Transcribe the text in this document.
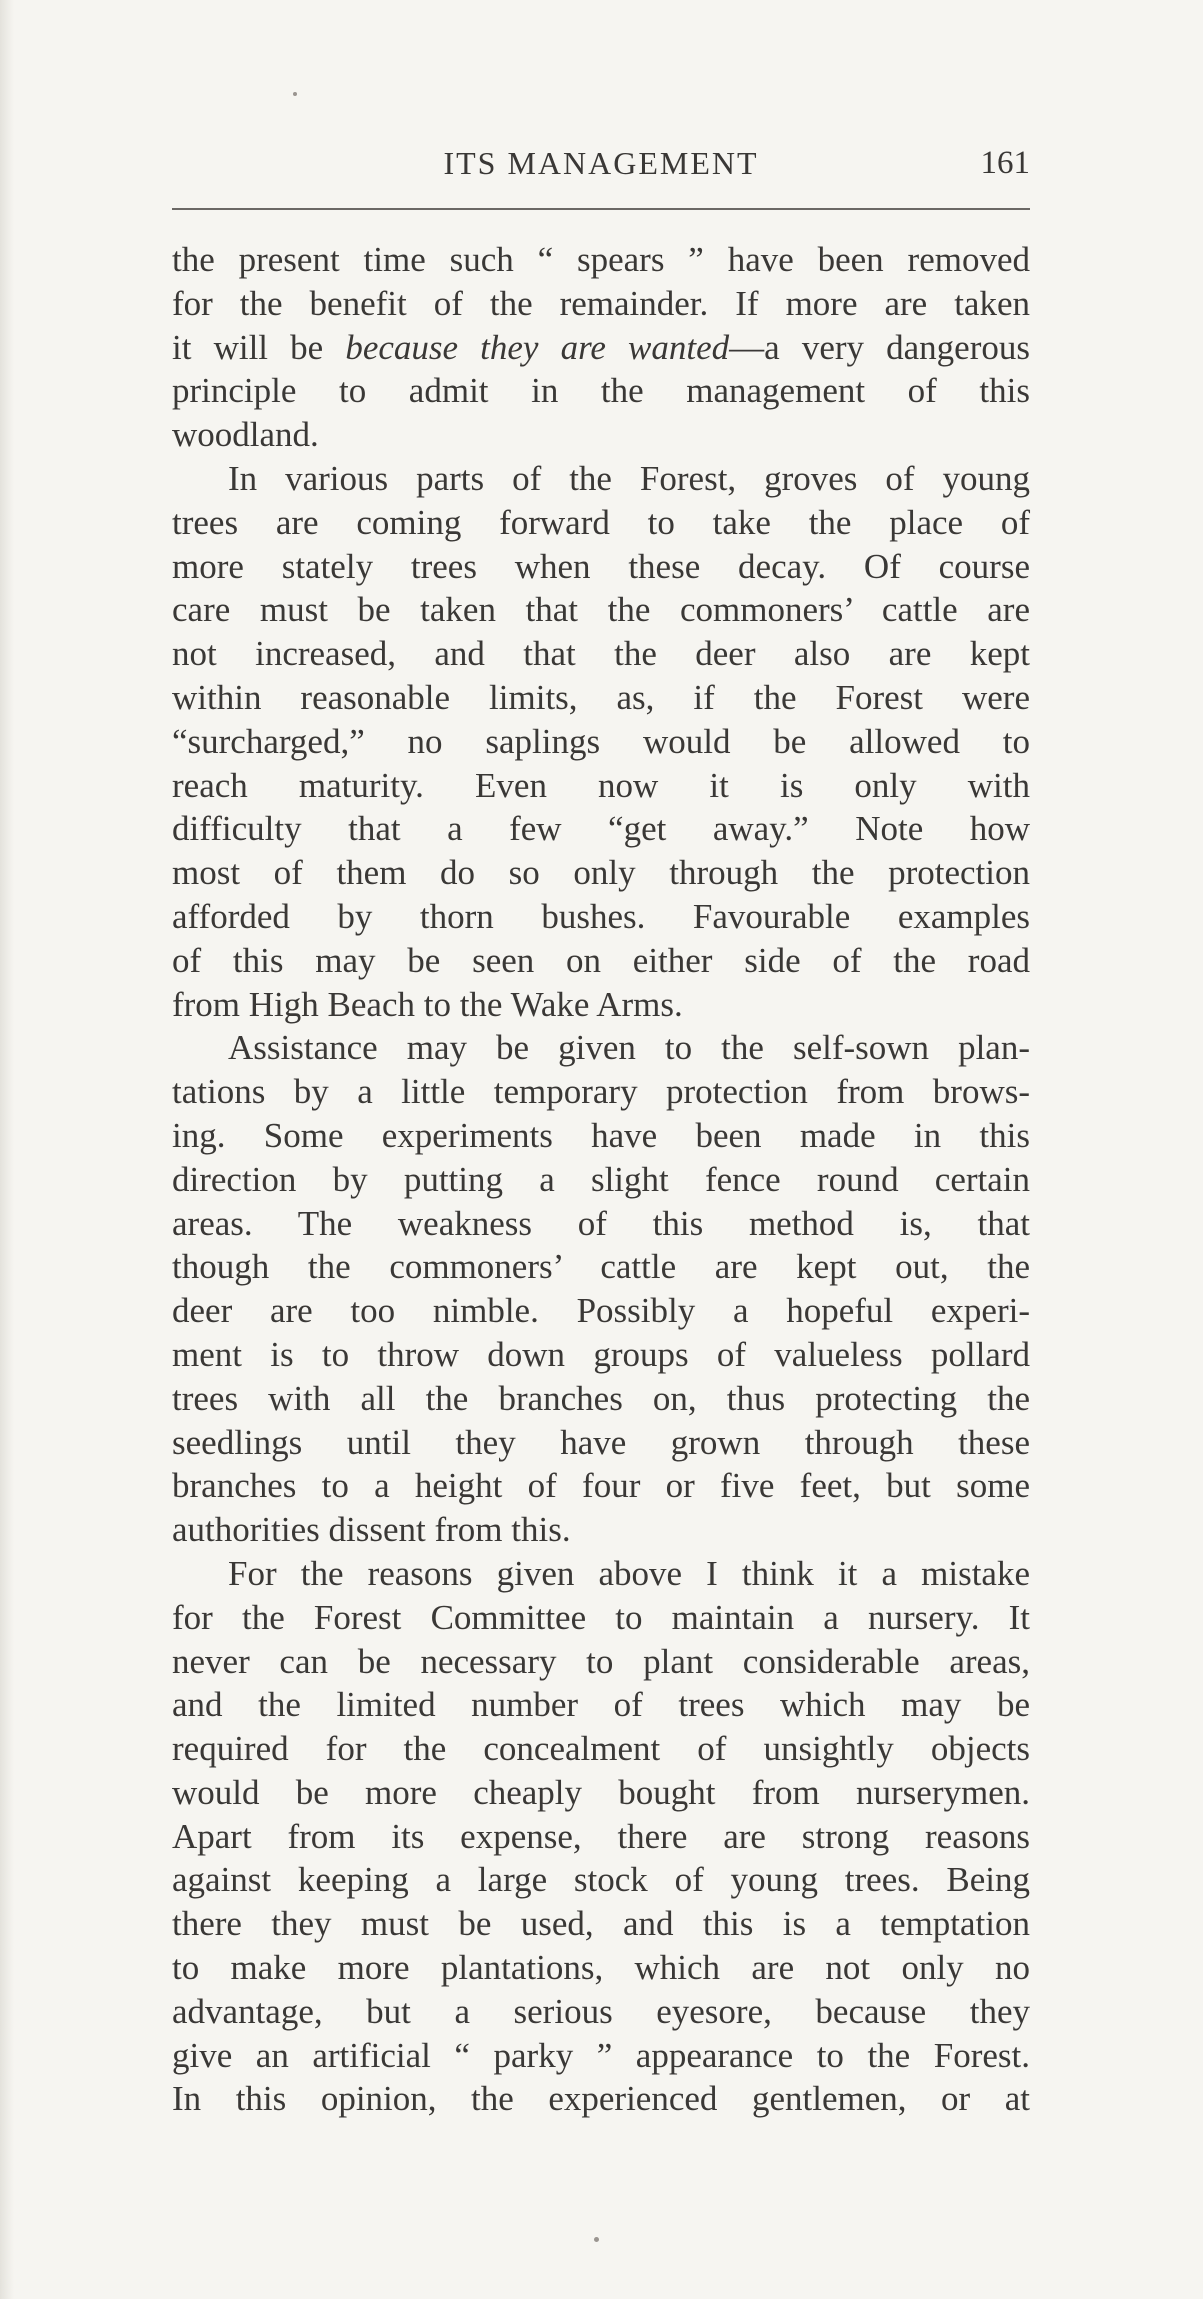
ITS MANAGEMENT	161
the present time such “ spears ” have been removed
for the benefit of the remainder. If more are taken
it will be because they are wanted—a very dangerous
principle to admit in the management of this
woodland.
In various parts of the Forest, groves of young
trees are coming forward to take the place of
more stately trees when these decay. Of course
care must be taken that the commoners’ cattle are
not increased, and that the deer also are kept
within reasonable limits, as, if the Forest were
“surcharged,” no saplings would be allowed to
reach maturity. Even now it is only with
difficulty that a few “get away.” Note how
most of them do so only through the protection
afforded by thorn bushes. Favourable examples
of this may be seen on either side of the road
from High Beach to the Wake Arms.
Assistance may be given to the self-sown plan-
tations by a little temporary protection from brows-
ing. Some experiments have been made in this
direction by putting a slight fence round certain
areas. The weakness of this method is, that
though the commoners’ cattle are kept out, the
deer are too nimble. Possibly a hopeful experi-
ment is to throw down groups of valueless pollard
trees with all the branches on, thus protecting the
seedlings until they have grown through these
branches to a height of four or five feet, but some
authorities dissent from this.
For the reasons given above I think it a mistake
for the Forest Committee to maintain a nursery. It
never can be necessary to plant considerable areas,
and the limited number of trees which may be
required for the concealment of unsightly objects
would be more cheaply bought from nurserymen.
Apart from its expense, there are strong reasons
against keeping a large stock of young trees. Being
there they must be used, and this is a temptation
to make more plantations, which are not only no
advantage, but a serious eyesore, because they
give an artificial “ parky ” appearance to the Forest.
In this opinion, the experienced gentlemen, or at
